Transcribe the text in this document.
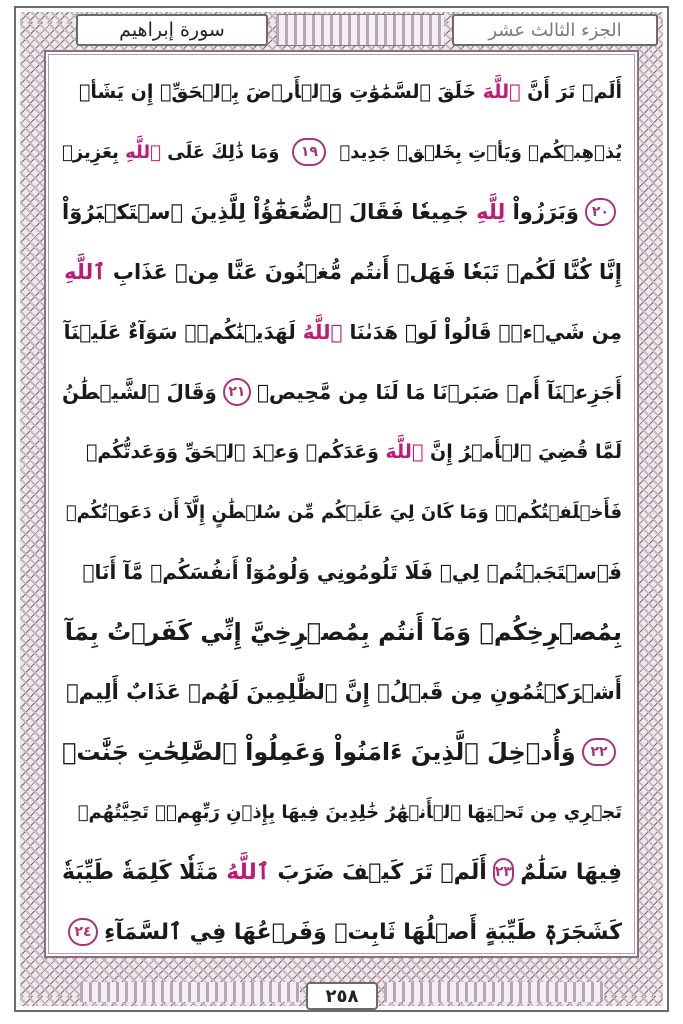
الجزء الثالث عشر
سورة إبراهيم
أَلَمۡ تَرَ أَنَّ ٱللَّهَ خَلَقَ ٱلسَّمَٰوَٰتِ وَٱلۡأَرۡضَ بِٱلۡحَقِّۚ إِن يَشَأۡ
يُذۡهِبۡكُمۡ وَيَأۡتِ بِخَلۡقٖ جَدِيدٖ
١٩
وَمَا ذَٰلِكَ عَلَى ٱللَّهِ بِعَزِيزٖ
٢٠
وَبَرَزُواْ لِلَّهِ جَمِيعٗا فَقَالَ ٱلضُّعَفَٰٓؤُاْ لِلَّذِينَ ٱسۡتَكۡبَرُوٓاْ
إِنَّا كُنَّا لَكُمۡ تَبَعٗا فَهَلۡ أَنتُم مُّغۡنُونَ عَنَّا مِنۡ عَذَابِ ٱللَّهِ
مِن شَيۡءٖۚ قَالُواْ لَوۡ هَدَىٰنَا ٱللَّهُ لَهَدَيۡنَٰكُمۡۖ سَوَآءٌ عَلَيۡنَآ
أَجَزِعۡنَآ أَمۡ صَبَرۡنَا مَا لَنَا مِن مَّحِيصٖ
٢١
وَقَالَ ٱلشَّيۡطَٰنُ
لَمَّا قُضِيَ ٱلۡأَمۡرُ إِنَّ ٱللَّهَ وَعَدَكُمۡ وَعۡدَ ٱلۡحَقِّ وَوَعَدتُّكُمۡ
فَأَخۡلَفۡتُكُمۡۖ وَمَا كَانَ لِيَ عَلَيۡكُم مِّن سُلۡطَٰنٍ إِلَّآ أَن دَعَوۡتُكُمۡ
فَٱسۡتَجَبۡتُمۡ لِيۖ فَلَا تَلُومُونِي وَلُومُوٓاْ أَنفُسَكُمۖ مَّآ أَنَا۠
بِمُصۡرِخِكُمۡ وَمَآ أَنتُم بِمُصۡرِخِيَّ إِنِّي كَفَرۡتُ بِمَآ
أَشۡرَكۡتُمُونِ مِن قَبۡلُۗ إِنَّ ٱلظَّٰلِمِينَ لَهُمۡ عَذَابٌ أَلِيمٞ
٢٢
وَأُدۡخِلَ ٱلَّذِينَ ءَامَنُواْ وَعَمِلُواْ ٱلصَّٰلِحَٰتِ جَنَّٰتٖ
تَجۡرِي مِن تَحۡتِهَا ٱلۡأَنۡهَٰرُ خَٰلِدِينَ فِيهَا بِإِذۡنِ رَبِّهِمۡۖ تَحِيَّتُهُمۡ
فِيهَا سَلَٰمٌ
٢٣
أَلَمۡ تَرَ كَيۡفَ ضَرَبَ ٱللَّهُ مَثَلٗا كَلِمَةٗ طَيِّبَةٗ
كَشَجَرَةٖ طَيِّبَةٍ أَصۡلُهَا ثَابِتٞ وَفَرۡعُهَا فِي ٱلسَّمَآءِ
٢٤
٢٥٨
